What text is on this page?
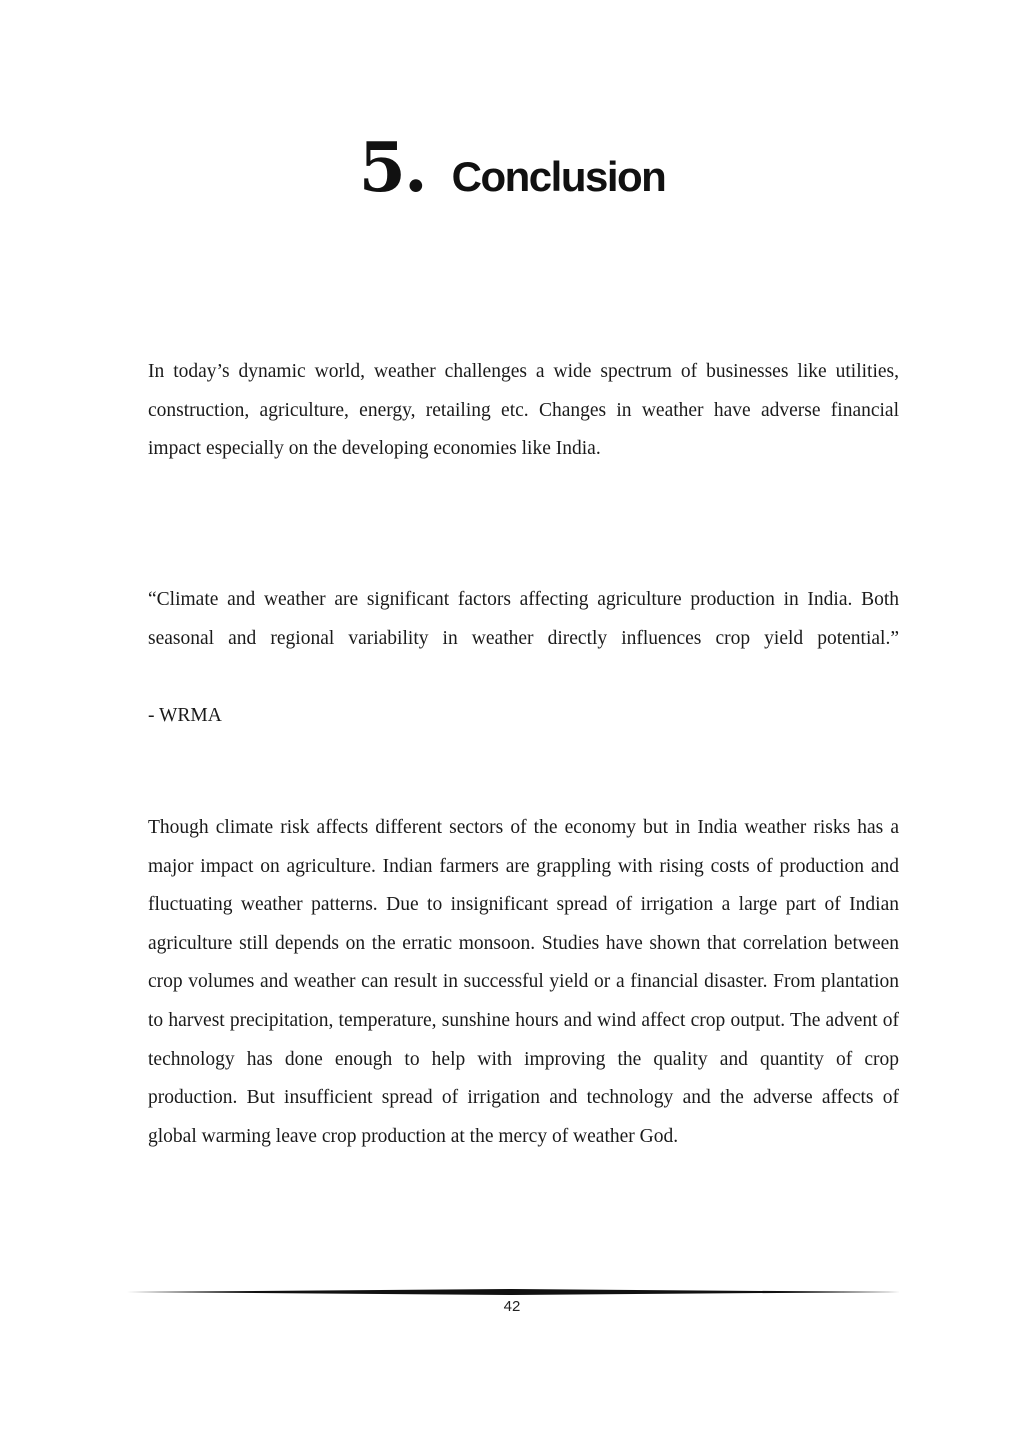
5. Conclusion

In today’s dynamic world, weather challenges a wide spectrum of businesses like utilities, construction, agriculture, energy, retailing etc. Changes in weather have adverse financial impact especially on the developing economies like India.

“Climate and weather are significant factors affecting agriculture production in India. Both seasonal and regional variability in weather directly influences crop yield potential.”

- WRMA

Though climate risk affects different sectors of the economy but in India weather risks has a major impact on agriculture. Indian farmers are grappling with rising costs of production and fluctuating weather patterns. Due to insignificant spread of irrigation a large part of Indian agriculture still depends on the erratic monsoon. Studies have shown that correlation between crop volumes and weather can result in successful yield or a financial disaster. From plantation to harvest precipitation, temperature, sunshine hours and wind affect crop output. The advent of technology has done enough to help with improving the quality and quantity of crop production. But insufficient spread of irrigation and technology and the adverse affects of global warming leave crop production at the mercy of weather God.

42
